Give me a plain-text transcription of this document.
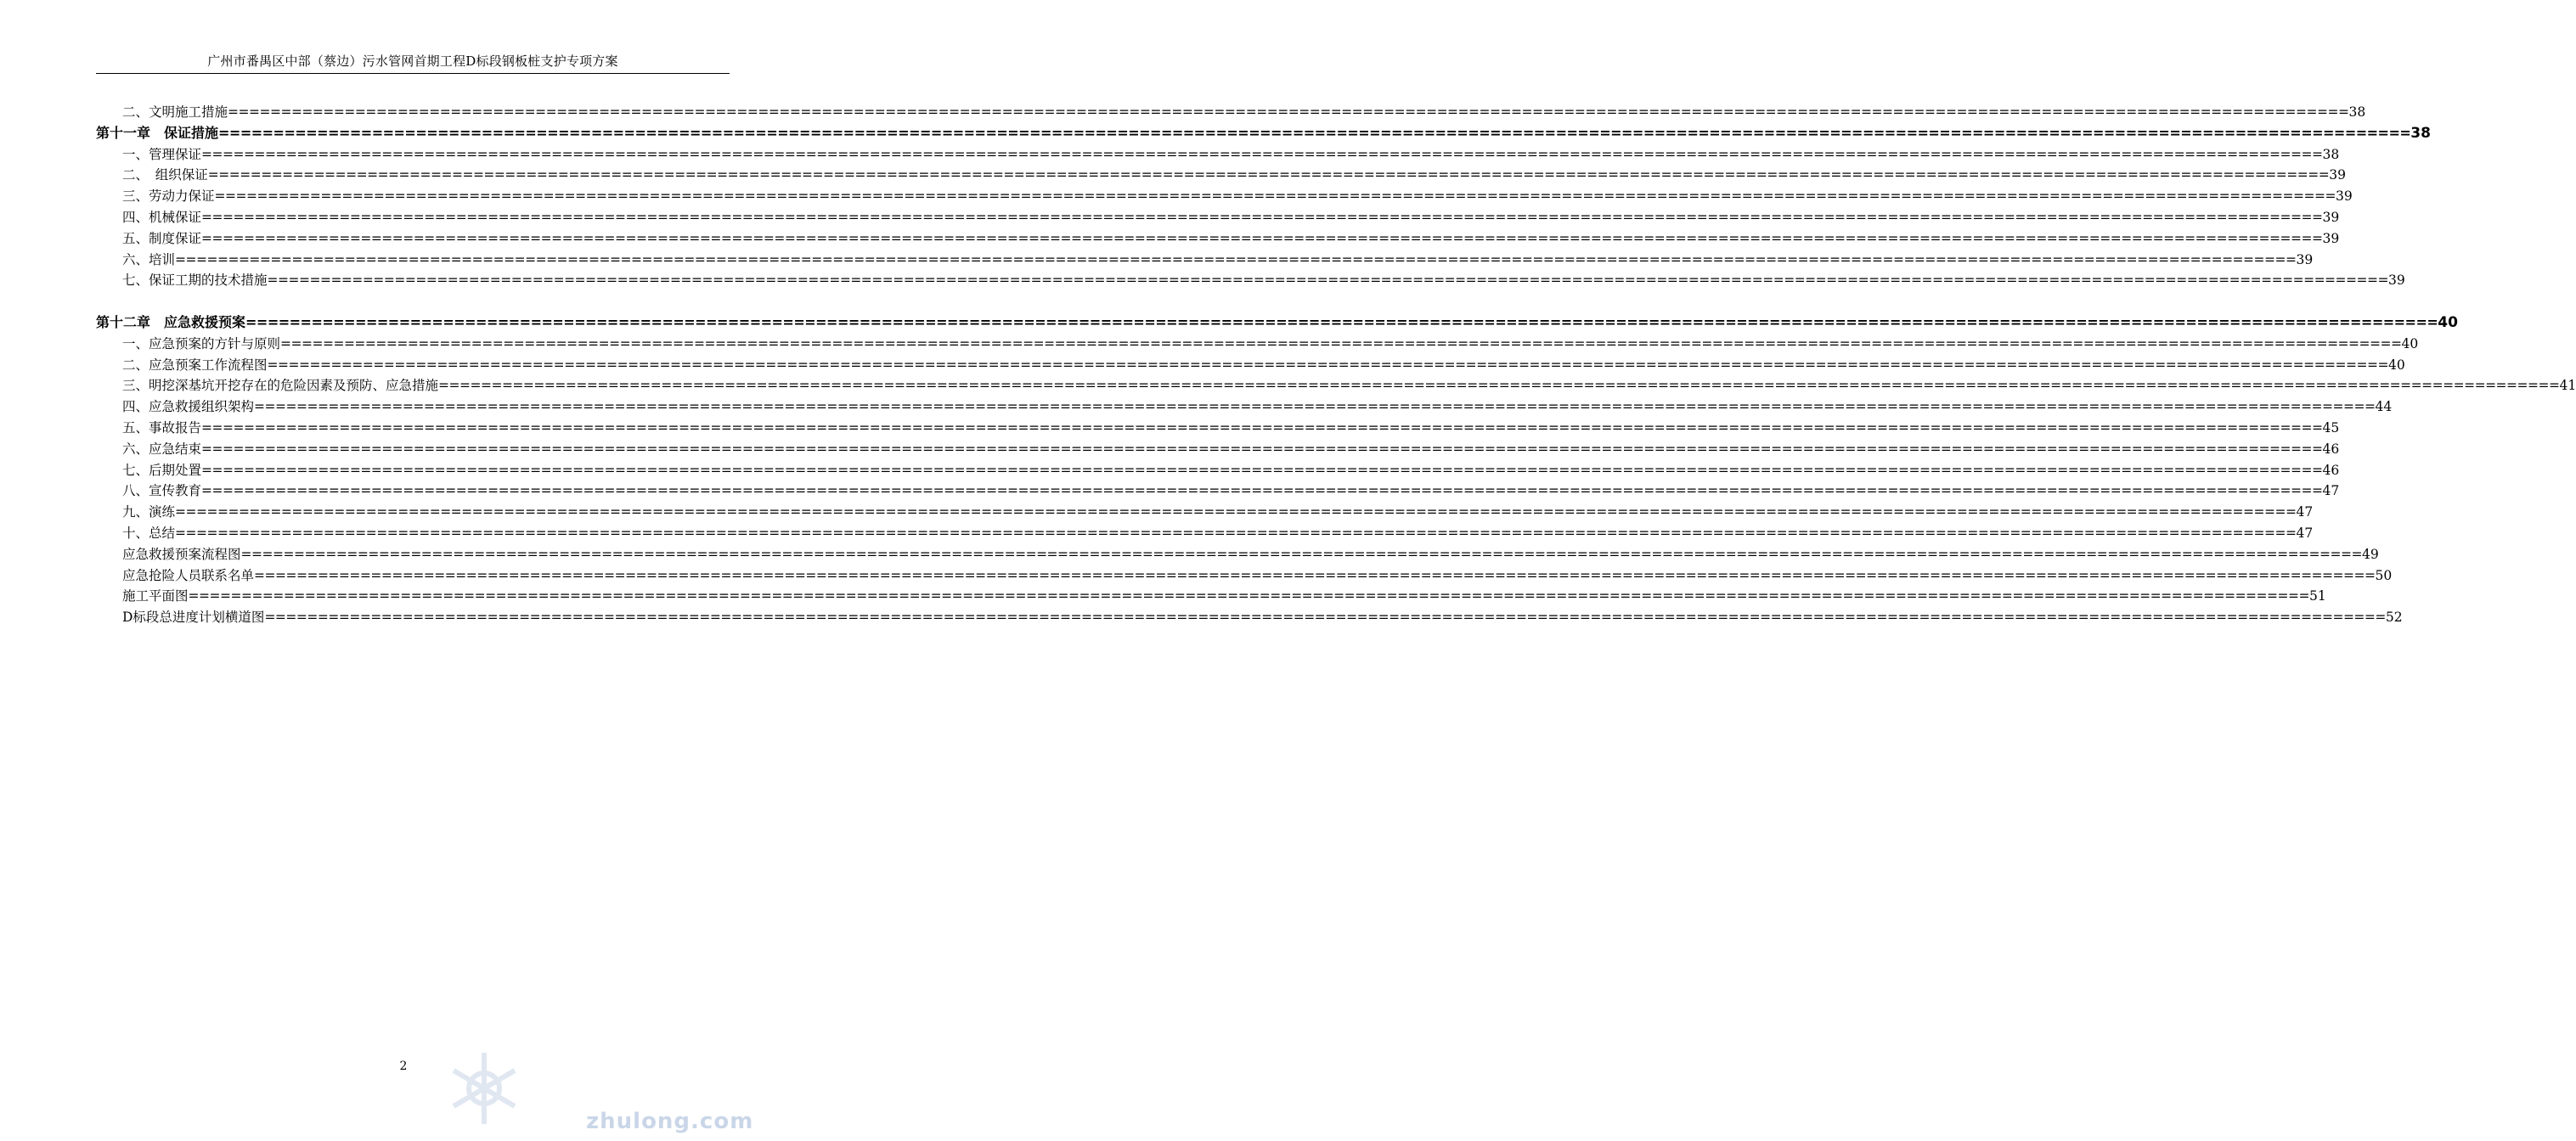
广州市番禺区中部（蔡边）污水管网首期工程D标段钢板桩支护专项方案
二、文明施工措施 ======================================================================================================================================================================================================== 38
第十一章　保证措施 ======================================================================================================================================================================================================== 38
一、管理保证 ======================================================================================================================================================================================================== 38
二、　组织保证 ======================================================================================================================================================================================================== 39
三、劳动力保证 ======================================================================================================================================================================================================== 39
四、机械保证 ======================================================================================================================================================================================================== 39
五、制度保证 ======================================================================================================================================================================================================== 39
六、培训 ======================================================================================================================================================================================================== 39
七、保证工期的技术措施 ======================================================================================================================================================================================================== 39
第十二章　应急救援预案 ======================================================================================================================================================================================================== 40
一、应急预案的方针与原则 ======================================================================================================================================================================================================== 40
二、应急预案工作流程图 ======================================================================================================================================================================================================== 40
三、明挖深基坑开挖存在的危险因素及预防、应急措施 ======================================================================================================================================================================================================== 41
四、应急救援组织架构 ======================================================================================================================================================================================================== 44
五、事故报告 ======================================================================================================================================================================================================== 45
六、应急结束 ======================================================================================================================================================================================================== 46
七、后期处置 ======================================================================================================================================================================================================== 46
八、宣传教育 ======================================================================================================================================================================================================== 47
九、演练 ======================================================================================================================================================================================================== 47
十、总结 ======================================================================================================================================================================================================== 47
应急救援预案流程图 ======================================================================================================================================================================================================== 49
应急抢险人员联系名单 ======================================================================================================================================================================================================== 50
施工平面图 ======================================================================================================================================================================================================== 51
D标段总进度计划横道图 ======================================================================================================================================================================================================== 52
2
zhulong.com
